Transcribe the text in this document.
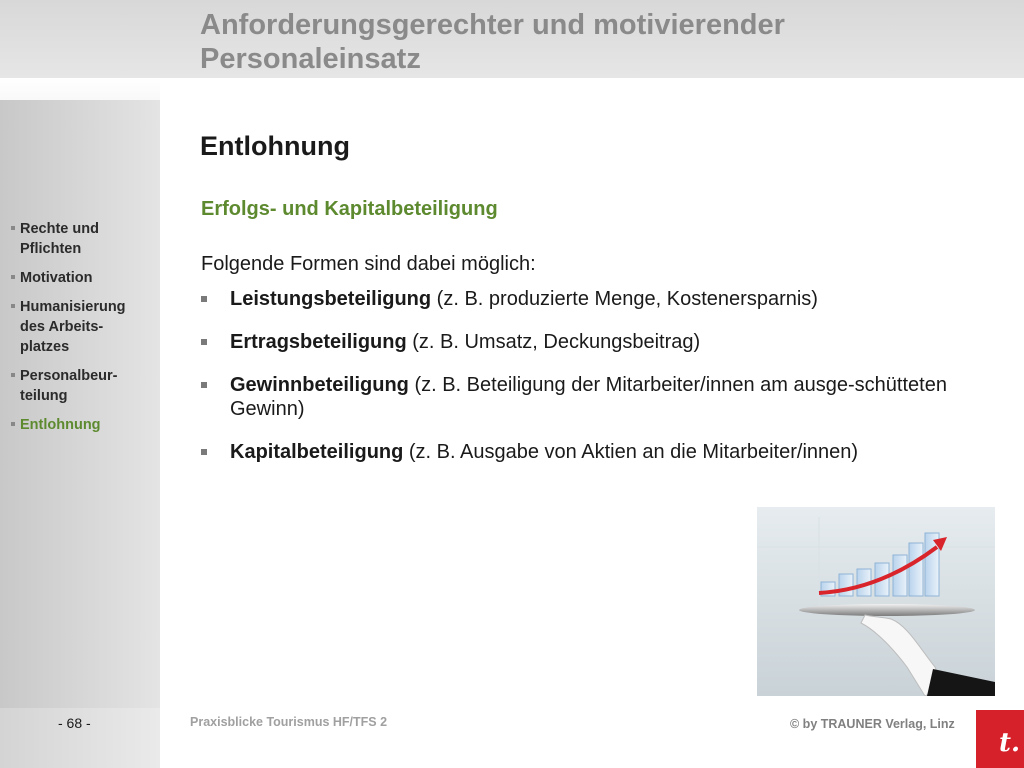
Anforderungsgerechter und motivierender
Personaleinsatz
Rechte und
Pflichten
Motivation
Humanisierung
des Arbeits-
platzes
Personalbeur-
teilung
Entlohnung
Entlohnung
Erfolgs- und Kapitalbeteiligung

Folgende Formen sind dabei möglich:

Leistungsbeteiligung (z. B. produzierte Menge, Kostenersparnis)
Ertragsbeteiligung (z. B. Umsatz, Deckungsbeitrag)
Gewinnbeteiligung (z. B. Beteiligung der Mitarbeiter/innen am ausge-schütteten Gewinn)
Kapitalbeteiligung (z. B. Ausgabe von Aktien an die Mitarbeiter/innen)
- 68 -	Praxisblicke Tourismus HF/TFS 2	© by TRAUNER Verlag, Linz
t.
